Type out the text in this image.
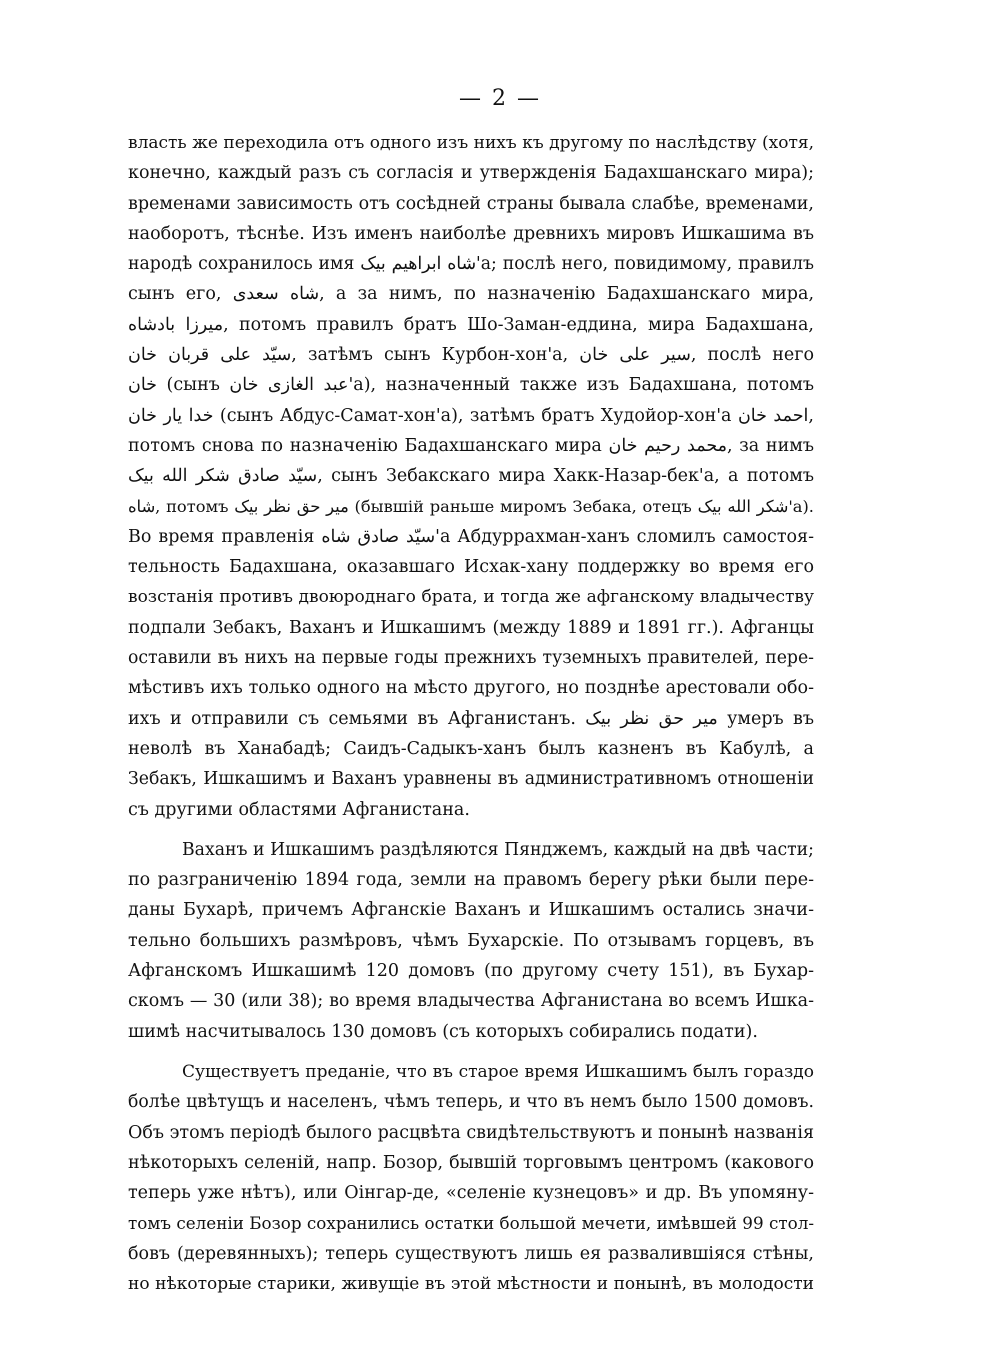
— 2 —
власть же переходила отъ одного изъ нихъ къ другому по наслѣдству (хотя,
конечно, каждый разъ съ согласія и утвержденія Бадахшанскаго мира);
временами зависимость отъ сосѣдней страны бывала слабѣе, временами,
наоборотъ, тѣснѣе. Изъ именъ наиболѣе древнихъ мировъ Ишкашима въ
народѣ сохранилось имя شاه ابراهیم بیک'а; послѣ него, повидимому, правилъ
сынъ его, شاه سعدی, а за нимъ, по назначенію Бадахшанскаго мира,
میرزا بادشاه, потомъ правилъ братъ Шо-Заман-еддина, мира Бадахшана,
سیّد علی قربان خان, затѣмъ сынъ Курбон-хон'а, سیر علی خان, послѣ него
خان (сынъ عبد الغازی خان'а), назначенный также изъ Бадахшана, потомъ
خدا یار خان (сынъ Абдус-Самат-хон'а), затѣмъ братъ Худойор-хон'а احمد خان,
потомъ снова по назначенію Бадахшанскаго мира محمد رحیم خان, за нимъ
سیّد صادق شکر الله بیک, сынъ Зебакскаго мира Хакк-Назар-бек'а, а потомъ
شاه, потомъ میر حق نظر بیک (бывшій раньше миромъ Зебака, отецъ شکر الله بیک'а).
Во время правленія سیّد صادق شاه'а Абдуррахман-ханъ сломилъ самостоя-
тельность Бадахшана, оказавшаго Исхак-хану поддержку во время его
возстанія противъ двоюроднаго брата, и тогда же афганскому владычеству
подпали Зебакъ, Ваханъ и Ишкашимъ (между 1889 и 1891 гг.). Афганцы
оставили въ нихъ на первые годы прежнихъ туземныхъ правителей, пере-
мѣстивъ ихъ только одного на мѣсто другого, но позднѣе арестовали обо-
ихъ и отправили съ семьями въ Афганистанъ. میر حق نظر بیک умеръ въ
неволѣ въ Ханабадѣ; Саидъ-Садыкъ-ханъ былъ казненъ въ Кабулѣ, а
Зебакъ, Ишкашимъ и Ваханъ уравнены въ административномъ отношеніи
съ другими областями Афганистана.
Ваханъ и Ишкашимъ раздѣляются Пянджемъ, каждый на двѣ части;
по разграниченію 1894 года, земли на правомъ берегу рѣки были пере-
даны Бухарѣ, причемъ Афганскіе Ваханъ и Ишкашимъ остались значи-
тельно большихъ размѣровъ, чѣмъ Бухарскіе. По отзывамъ горцевъ, въ
Афганскомъ Ишкашимѣ 120 домовъ (по другому счету 151), въ Бухар-
скомъ — 30 (или 38); во время владычества Афганистана во всемъ Ишка-
шимѣ насчитывалось 130 домовъ (съ которыхъ собирались подати).
Существуетъ преданіе, что въ старое время Ишкашимъ былъ гораздо
болѣе цвѣтущъ и населенъ, чѣмъ теперь, и что въ немъ было 1500 домовъ.
Объ этомъ періодѣ былого расцвѣта свидѣтельствуютъ и понынѣ названія
нѣкоторыхъ селеній, напр. Бозор, бывшій торговымъ центромъ (какового
теперь уже нѣтъ), или Оінгар-де, «селеніе кузнецовъ» и др. Въ упомяну-
томъ селеніи Бозор сохранились остатки большой мечети, имѣвшей 99 стол-
бовъ (деревянныхъ); теперь существуютъ лишь ея развалившіяся стѣны,
но нѣкоторые старики, живущіе въ этой мѣстности и понынѣ, въ молодости
